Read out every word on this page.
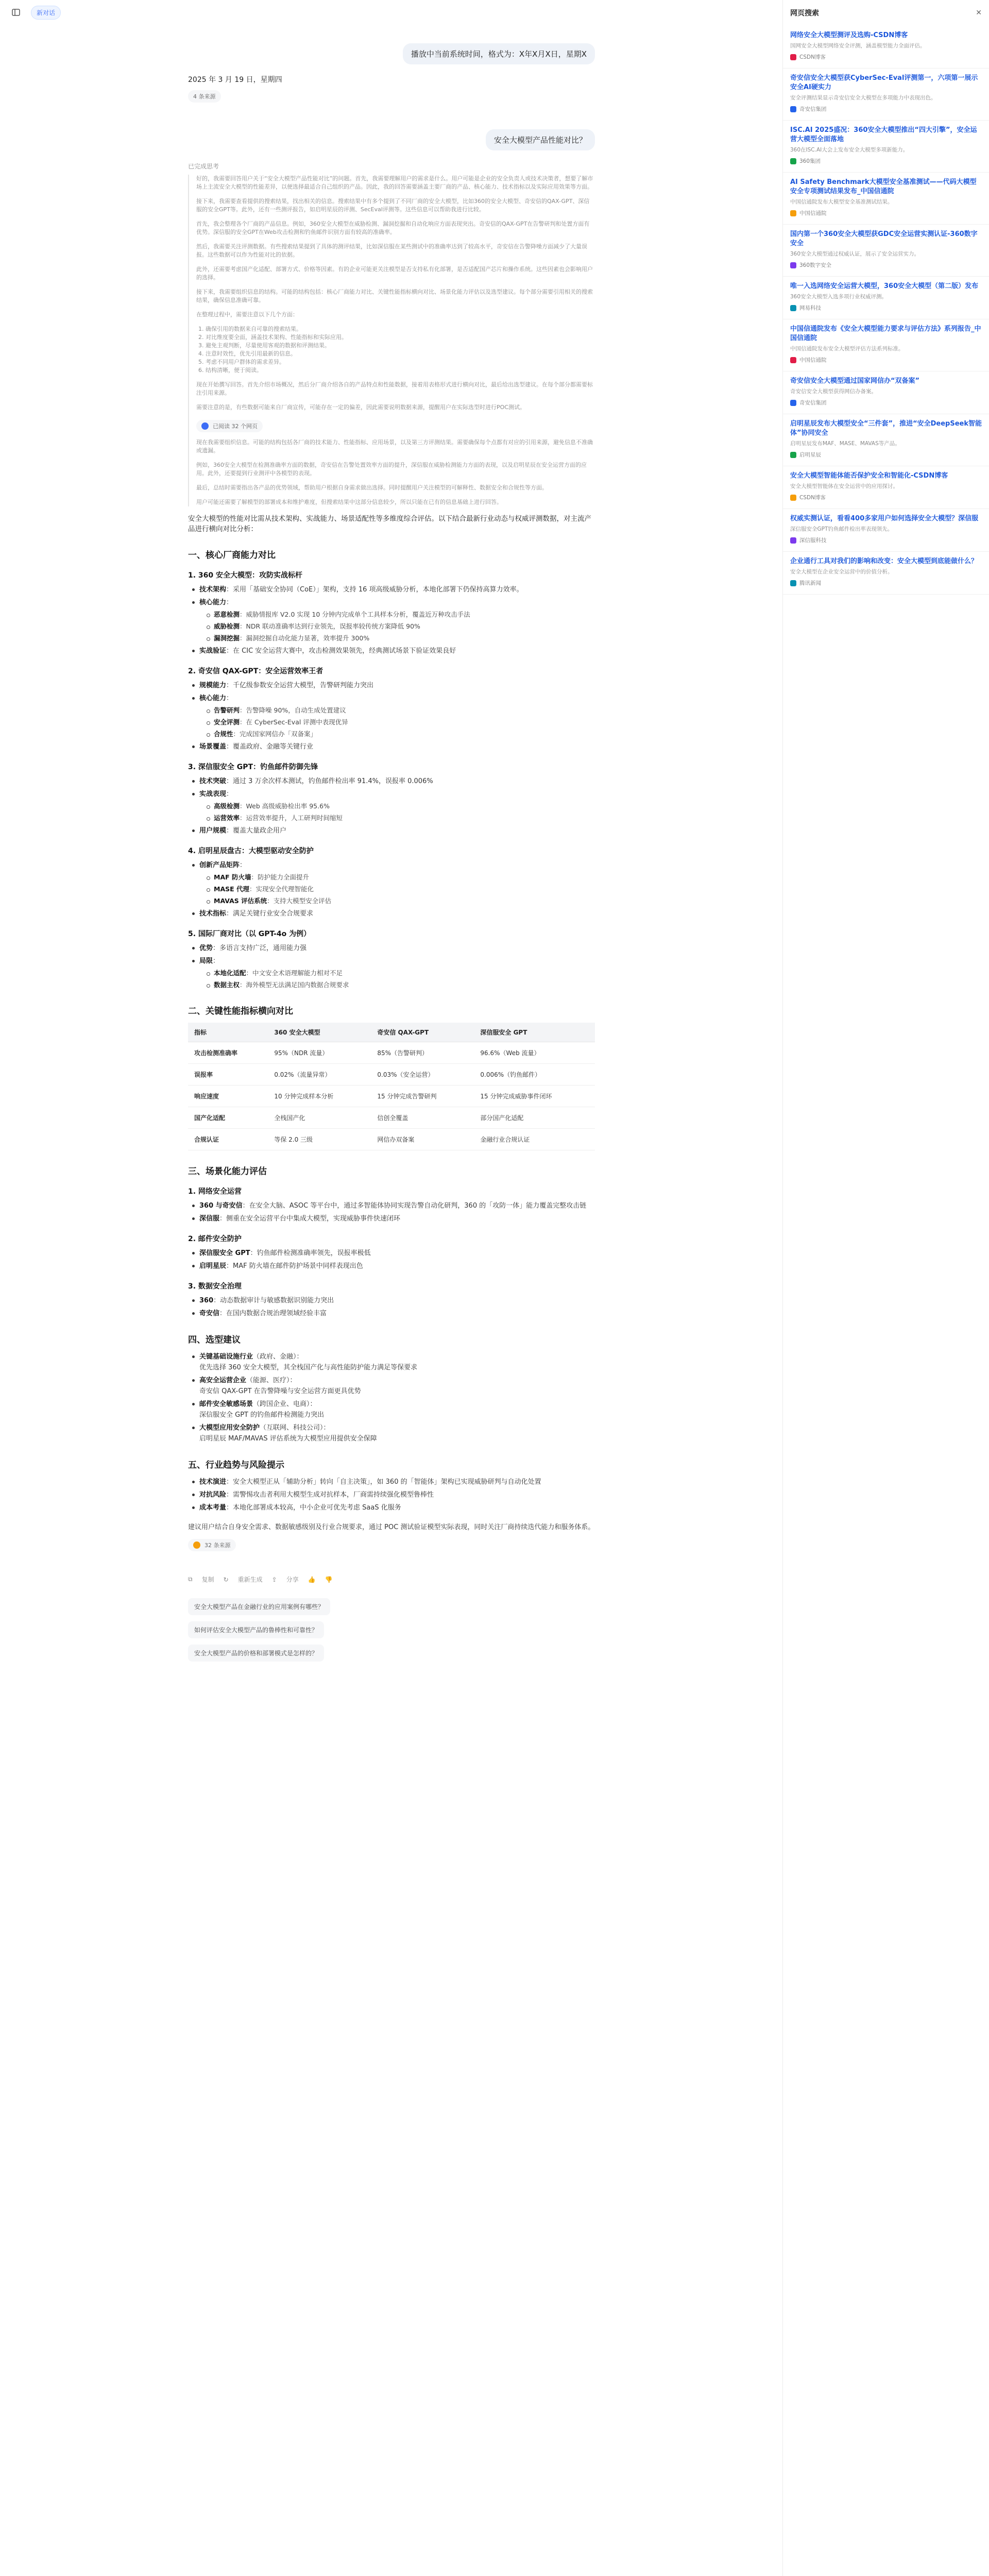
新对话
播放中当前系统时间，格式为：X年X月X日，星期X
2025 年 3 月 19 日，星期四
4 条来源
安全大模型产品性能对比？
已完成思考

好的，我需要回答用户关于“安全大模型产品性能对比”的问题。首先，我需要理解用户的需求是什么。用户可能是企业的安全负责人或技术决策者，想要了解市场上主流安全大模型的性能差异，以便选择最适合自己组织的产品。因此，我的回答需要涵盖主要厂商的产品、核心能力、技术指标以及实际应用效果等方面。

接下来，我需要查看提供的搜索结果，找出相关的信息。搜索结果中有多个提到了不同厂商的安全大模型，比如360的安全大模型、奇安信的QAX-GPT、深信服的安全GPT等。此外，还有一些测评报告，如启明星辰的评测、SecEval评测等。这些信息可以帮助我进行比较。

首先，我会整理各个厂商的产品信息。例如，360安全大模型在威胁检测、漏洞挖掘和自动化响应方面表现突出。奇安信的QAX-GPT在告警研判和处置方面有优势。深信服的安全GPT在Web攻击检测和钓鱼邮件识别方面有较高的准确率。

然后，我需要关注评测数据。有些搜索结果提到了具体的测评结果，比如深信服在某些测试中的准确率达到了较高水平，奇安信在告警降噪方面减少了大量误报。这些数据可以作为性能对比的依据。

此外，还需要考虑国产化适配、部署方式、价格等因素。有的企业可能更关注模型是否支持私有化部署，是否适配国产芯片和操作系统。这些因素也会影响用户的选择。

接下来，我需要组织信息的结构。可能的结构包括：核心厂商能力对比、关键性能指标横向对比、场景化能力评估以及选型建议。每个部分需要引用相关的搜索结果，确保信息准确可靠。

在整理过程中，需要注意以下几个方面：

1. 确保引用的数据来自可靠的搜索结果。
2. 对比维度要全面，涵盖技术架构、性能指标和实际应用。
3. 避免主观判断，尽量使用客观的数据和评测结果。
4. 注意时效性，优先引用最新的信息。
5. 考虑不同用户群体的需求差异。
6. 结构清晰，便于阅读。

现在开始撰写回答。首先介绍市场概况，然后分厂商介绍各自的产品特点和性能数据，接着用表格形式进行横向对比，最后给出选型建议。在每个部分都需要标注引用来源。

需要注意的是，有些数据可能来自厂商宣传，可能存在一定的偏差，因此需要说明数据来源，提醒用户在实际选型时进行POC测试。

已阅读 32 个网页

现在我需要组织信息。可能的结构包括各厂商的技术能力、性能指标、应用场景，以及第三方评测结果。需要确保每个点都有对应的引用来源，避免信息不准确或遗漏。

例如，360安全大模型在检测准确率方面的数据，奇安信在告警处置效率方面的提升，深信服在威胁检测能力方面的表现，以及启明星辰在安全运营方面的应用。此外，还要提到行业测评中各模型的表现。

最后，总结时需要指出各产品的优势领域，帮助用户根据自身需求做出选择。同时提醒用户关注模型的可解释性、数据安全和合规性等方面。

用户可能还需要了解模型的部署成本和维护难度，但搜索结果中这部分信息较少，所以只能在已有的信息基础上进行回答。

安全大模型的性能对比需从技术架构、实战能力、场景适配性等多维度综合评估。以下结合最新行业动态与权威评测数据，对主流产品进行横向对比分析：

一、核心厂商能力对比
1. 360 安全大模型：攻防实战标杆
技术架构：采用「基础安全协同（CoE）」架构，支持 16 项高级威胁分析，本地化部署下仍保持高算力效率。
核心能力：
恶意检测：威胁情报库 V2.0 实现 10 分钟内完成单个工具样本分析，覆盖近万种攻击手法
威胁检测：NDR 联动准确率达到行业领先，误报率较传统方案降低 90%
漏洞挖掘：漏洞挖掘自动化能力显著，效率提升 300%
实战验证：在 CIC 安全运营大赛中，攻击检测效果领先，经典测试场景下验证效果良好
2. 奇安信 QAX-GPT：安全运营效率王者
规模能力：千亿级参数安全运营大模型，告警研判能力突出
核心能力：
告警研判：告警降噪 90%，自动生成处置建议
安全评测：在 CyberSec-Eval 评测中表现优异
合规性：完成国家网信办「双备案」
场景覆盖：覆盖政府、金融等关键行业
3. 深信服安全 GPT：钓鱼邮件防御先锋
技术突破：通过 3 万余次样本测试，钓鱼邮件检出率 91.4%，误报率 0.006%
实战表现：
高级检测：Web 高级威胁检出率 95.6%
运营效率：运营效率提升，人工研判时间缩短
用户规模：覆盖大量政企用户
4. 启明星辰盘古：大模型驱动安全防护
创新产品矩阵：
MAF 防火墙：防护能力全面提升
MASE 代理：实现安全代理智能化
MAVAS 评估系统：支持大模型安全评估
技术指标：满足关键行业安全合规要求
5. 国际厂商对比（以 GPT-4o 为例）
优势：多语言支持广泛，通用能力强
局限：
本地化适配：中文安全术语理解能力相对不足
数据主权：海外模型无法满足国内数据合规要求
二、关键性能指标横向对比
指标	360 安全大模型	奇安信 QAX-GPT	深信服安全 GPT
攻击检测准确率	95%（NDR 流量）	85%（告警研判）	96.6%（Web 流量）
误报率	0.02%（流量异常）	0.03%（安全运营）	0.006%（钓鱼邮件）
响应速度	10 分钟完成样本分析	15 分钟完成告警研判	15 分钟完成威胁事件闭环
国产化适配	全栈国产化	信创全覆盖	部分国产化适配
合规认证	等保 2.0 三级	网信办双备案	金融行业合规认证
三、场景化能力评估
1. 网络安全运营
360 与奇安信：在安全大脑、ASOC 等平台中，通过多智能体协同实现告警自动化研判，360 的「攻防一体」能力覆盖完整攻击链
深信服：侧重在安全运营平台中集成大模型，实现威胁事件快速闭环
2. 邮件安全防护
深信服安全 GPT：钓鱼邮件检测准确率领先，误报率极低
启明星辰：MAF 防火墙在邮件防护场景中同样表现出色
3. 数据安全治理
360：动态数据审计与敏感数据识别能力突出
奇安信：在国内数据合规治理领域经验丰富
四、选型建议
关键基础设施行业（政府、金融）：
优先选择 360 安全大模型，其全栈国产化与高性能防护能力满足等保要求
高安全运营企业（能源、医疗）：
奇安信 QAX-GPT 在告警降噪与安全运营方面更具优势
邮件安全敏感场景（跨国企业、电商）：
深信服安全 GPT 的钓鱼邮件检测能力突出
大模型应用安全防护（互联网、科技公司）：
启明星辰 MAF/MAVAS 评估系统为大模型应用提供安全保障
五、行业趋势与风险提示
技术演进：安全大模型正从「辅助分析」转向「自主决策」，如 360 的「智能体」架构已实现威胁研判与自动化处置
对抗风险：需警惕攻击者利用大模型生成对抗样本，厂商需持续强化模型鲁棒性
成本考量：本地化部署成本较高，中小企业可优先考虑 SaaS 化服务

建议用户结合自身安全需求、数据敏感级别及行业合规要求，通过 POC 测试验证模型实际表现，同时关注厂商持续迭代能力和服务体系。

32 条来源
⧉ 复制 ↻ 重新生成 ⇪ 分享 👍 👎
安全大模型产品在金融行业的应用案例有哪些？
如何评估安全大模型产品的鲁棒性和可靠性？
安全大模型产品的价格和部署模式是怎样的？
网页搜索	✕
网络安全大模型测评及选购-CSDN博客
国网安全大模型网络安全评测，涵盖模型能力全面评估。
CSDN博客
奇安信安全大模型获CyberSec-Eval评测第一，六项第一展示安全AI硬实力
安全评测结果显示奇安信安全大模型在多项能力中表现出色。
奇安信集团
ISC.AI 2025盛况：360安全大模型推出“四大引擎”，安全运营大模型全面落地
360在ISC.AI大会上发布安全大模型多项新能力。
360集团
AI Safety Benchmark大模型安全基准测试——代码大模型安全专项测试结果发布_中国信通院
中国信通院发布大模型安全基准测试结果。
中国信通院
国内第一个360安全大模型获GDC安全运营实测认证-360数字安全
360安全大模型通过权威认证，展示了安全运营实力。
360数字安全
唯一入选网络安全运营大模型，360安全大模型（第二版）发布
360安全大模型入选多项行业权威评测。
网易科技
中国信通院发布《安全大模型能力要求与评估方法》系列报告_中国信通院
中国信通院发布安全大模型评估方法系列标准。
中国信通院
奇安信安全大模型通过国家网信办“双备案”
奇安信安全大模型获得网信办备案。
奇安信集团
启明星辰发布大模型安全“三件套”，推进“安全DeepSeek智能体”协同安全
启明星辰发布MAF、MASE、MAVAS等产品。
启明星辰
安全大模型智能体能否保护安全和智能化-CSDN博客
安全大模型智能体在安全运营中的应用探讨。
CSDN博客
权威实测认证，看看400多家用户如何选择安全大模型？深信服
深信服安全GPT钓鱼邮件检出率表现领先。
深信服科技
企业通行工具对我们的影响和改变：安全大模型到底能做什么？
安全大模型在企业安全运营中的价值分析。
腾讯新闻
